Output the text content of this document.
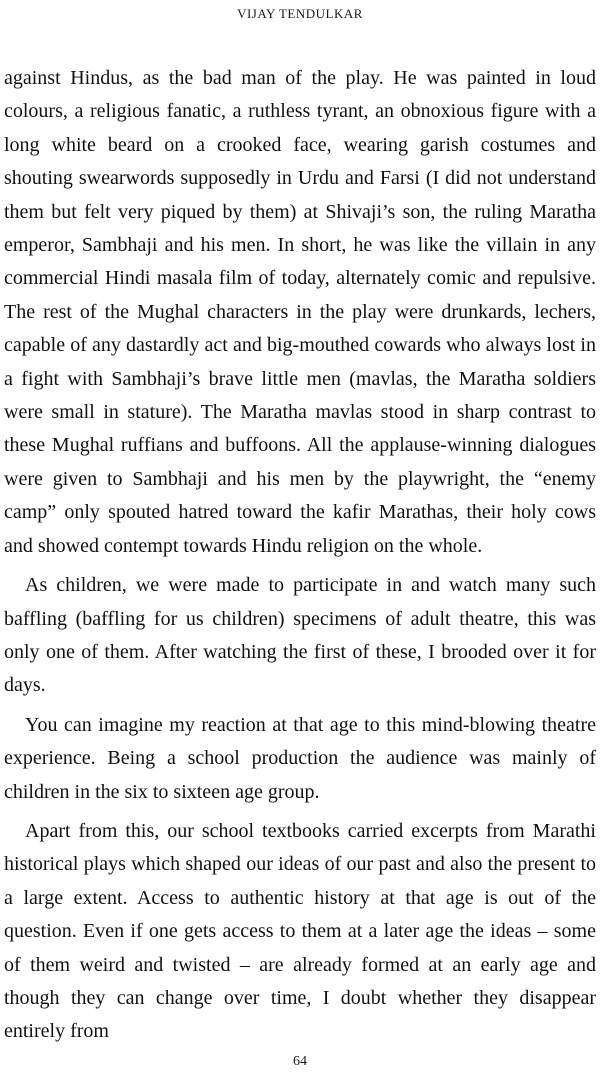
VIJAY TENDULKAR

against Hindus, as the bad man of the play. He was painted in loud colours, a religious fanatic, a ruthless tyrant, an obnoxious figure with a long white beard on a crooked face, wearing garish costumes and shouting swearwords supposedly in Urdu and Farsi (I did not understand them but felt very piqued by them) at Shivaji’s son, the ruling Maratha emperor, Sambhaji and his men. In short, he was like the villain in any commercial Hindi masala film of today, alternately comic and repulsive. The rest of the Mughal characters in the play were drunkards, lechers, capable of any dastardly act and big-mouthed cowards who always lost in a fight with Sambhaji’s brave little men (mavlas, the Maratha soldiers were small in stature). The Maratha mavlas stood in sharp contrast to these Mughal ruffians and buffoons. All the applause-winning dialogues were given to Sambhaji and his men by the playwright, the “enemy camp” only spouted hatred toward the kafir Marathas, their holy cows and showed contempt towards Hindu religion on the whole.

As children, we were made to participate in and watch many such baffling (baffling for us children) specimens of adult theatre, this was only one of them. After watching the first of these, I brooded over it for days.

You can imagine my reaction at that age to this mind-blowing theatre experience. Being a school production the audience was mainly of children in the six to sixteen age group.

Apart from this, our school textbooks carried excerpts from Marathi historical plays which shaped our ideas of our past and also the present to a large extent. Access to authentic history at that age is out of the question. Even if one gets access to them at a later age the ideas – some of them weird and twisted – are already formed at an early age and though they can change over time, I doubt whether they disappear entirely from

64
